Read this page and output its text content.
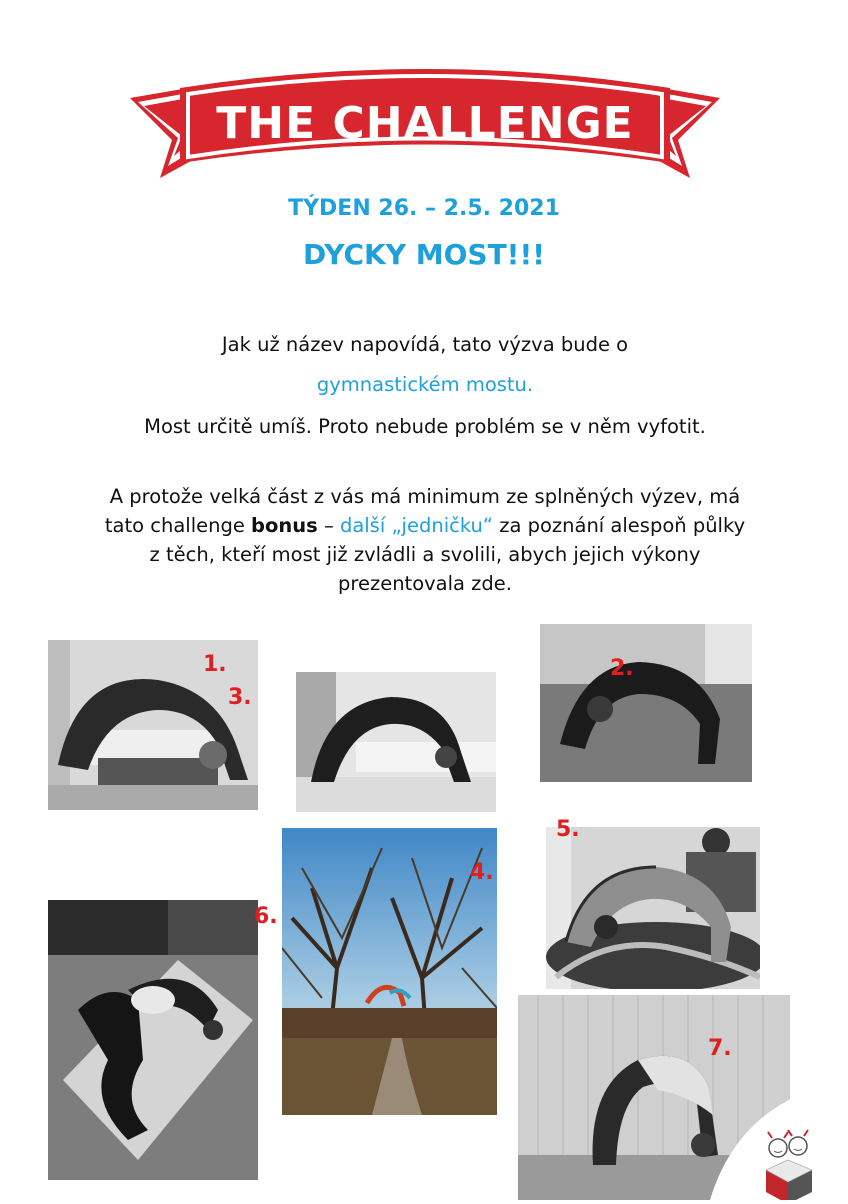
THE CHALLENGE
TÝDEN 26. – 2.5. 2021
DYCKY MOST!!!
Jak už název napovídá, tato výzva bude o
gymnastickém mostu.
Most určitě umíš. Proto nebude problém se v něm vyfotit.
A protože velká část z vás má minimum ze splněných výzev, má tato challenge bonus – další „jedničku“ za poznání alespoň půlky z těch, kteří most již zvládli a svolili, abych jejich výkony prezentovala zde.
1.
3.
2.
4.
5.
6.
7.
